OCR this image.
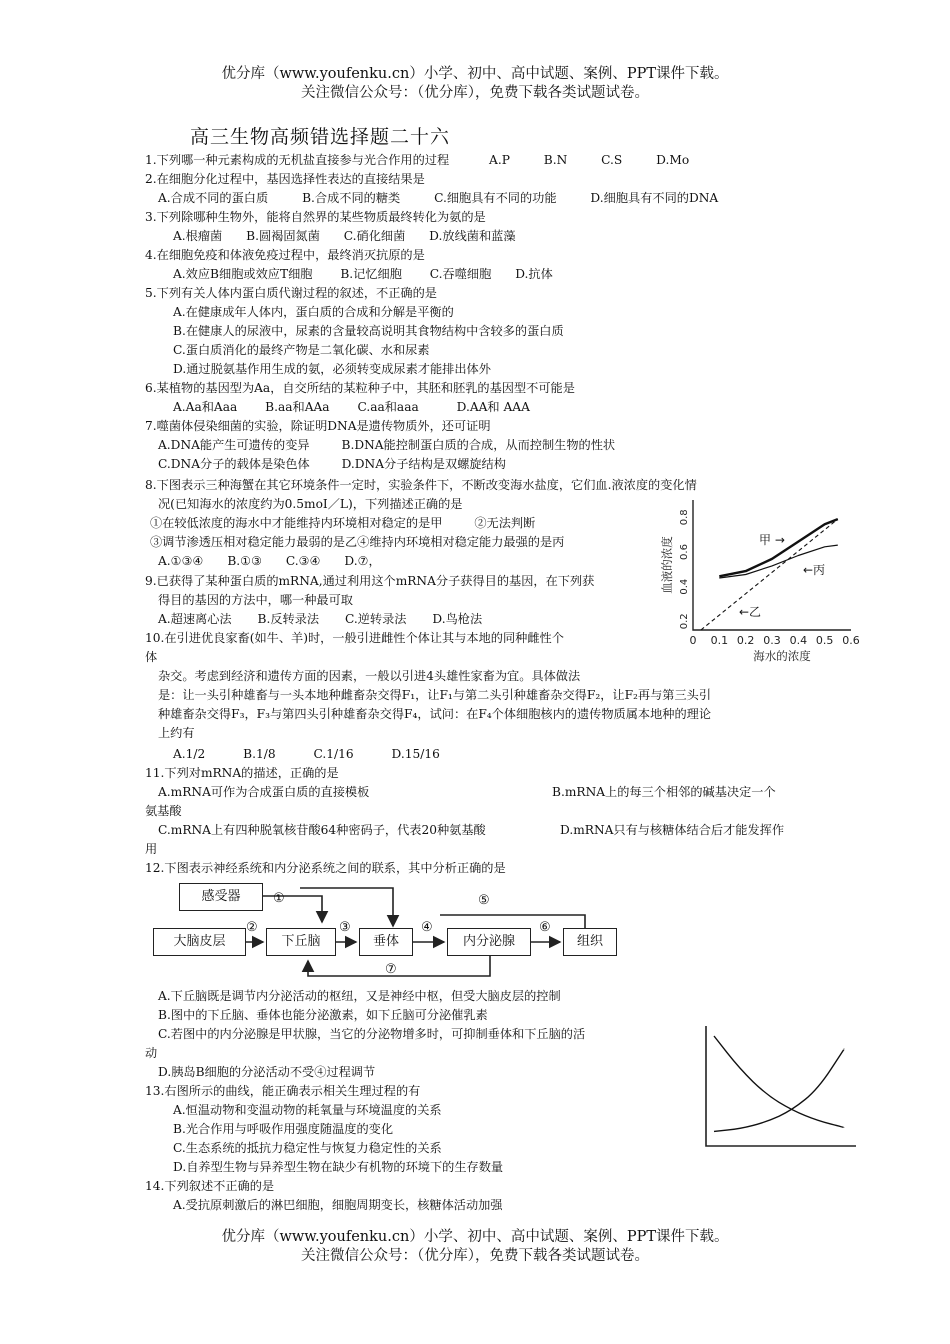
优分库（www.youfenku.cn）小学、初中、高中试题、案例、PPT课件下载。
关注微信公众号：（优分库），免费下载各类试题试卷。
高三生物高频错选择题二十六
1.下列哪一种元素构成的无机盐直接参与光合作用的过程	A.P	B.N	C.S	D.Mo
2.在细胞分化过程中，基因选择性表达的直接结果是
A.合成不同的蛋白质	B.合成不同的糖类	C.细胞具有不同的功能	D.细胞具有不同的DNA
3.下列除哪种生物外，能将自然界的某些物质最终转化为氨的是
A.根瘤菌 B.圆褐固氮菌 C.硝化细菌 D.放线菌和蓝藻
4.在细胞免疫和体液免疫过程中，最终消灭抗原的是
A.效应B细胞或效应T细胞 B.记忆细胞 C.吞噬细胞 D.抗体
5.下列有关人体内蛋白质代谢过程的叙述，不正确的是
A.在健康成年人体内，蛋白质的合成和分解是平衡的
B.在健康人的尿液中，尿素的含量较高说明其食物结构中含较多的蛋白质
C.蛋白质消化的最终产物是二氧化碳、水和尿素
D.通过脱氨基作用生成的氨，必须转变成尿素才能排出体外
6.某植物的基因型为Aa，自交所结的某粒种子中，其胚和胚乳的基因型不可能是
A.Aa和Aaa B.aa和AAa C.aa和aaa	D.AA和 AAA
7.噬菌体侵染细菌的实验，除证明DNA是遗传物质外，还可证明
A.DNA能产生可遗传的变异	B.DNA能控制蛋白质的合成，从而控制生物的性状
C.DNA分子的载体是染色体	D.DNA分子结构是双螺旋结构
8.下图表示三种海蟹在其它环境条件一定时，实验条件下，不断改变海水盐度，它们血.液浓度的变化情
况(已知海水的浓度约为0.5moI／L)，下列描述正确的是
①在较低浓度的海水中才能维持内环境相对稳定的是甲	②无法判断
③调节渗透压相对稳定能力最弱的是乙④维持内环境相对稳定能力最强的是丙
A.①③④ B.①③ C.③④ D.⑦，
0 0.1 0.2 0.3 0.4 0.5 0.6
0.2
0.4
0.6
0.8
海水的浓度
血液的浓度	甲 →
←丙
←乙
9.已获得了某种蛋白质的mRNA,通过利用这个mRNA分子获得目的基因，在下列获
得目的基因的方法中，哪一种最可取
A.超速离心法 B.反转录法 C.逆转录法 D.鸟枪法
10.在引进优良家畜(如牛、羊)时，一般引进雌性个体让其与本地的同种雌性个
体
杂交。考虑到经济和遗传方面的因素，一般以引进4头雄性家畜为宜。具体做法
是：让一头引种雄畜与一头本地种雌畜杂交得F₁，让F₁与第二头引种雄畜杂交得F₂，让F₂再与第三头引
种雄畜杂交得F₃，F₃与第四头引种雄畜杂交得F₄，试问：在F₄个体细胞核内的遗传物质属本地种的理论
上约有
A.1/2	B.1/8	C.1/16	D.15/16
11.下列对mRNA的描述，正确的是
A.mRNA可作为合成蛋白质的直接模板	B.mRNA上的每三个相邻的碱基决定一个
氨基酸
C.mRNA上有四种脱氧核苷酸64种密码子，代表20种氨基酸	D.mRNA只有与核糖体结合后才能发挥作
用
12.下图表示神经系统和内分泌系统之间的联系，其中分析正确的是
感受器
大脑皮层	下丘脑	垂体	内分泌腺	组织
①
②	③	④
⑤
⑥
⑦
A.下丘脑既是调节内分泌活动的枢纽，又是神经中枢，但受大脑皮层的控制
B.图中的下丘脑、垂体也能分泌激素，如下丘脑可分泌催乳素
C.若图中的内分泌腺是甲状腺，当它的分泌物增多时，可抑制垂体和下丘脑的活
动
D.胰岛B细胞的分泌活动不受④过程调节
13.右图所示的曲线，能正确表示相关生理过程的有
A.恒温动物和变温动物的耗氧量与环境温度的关系
B.光合作用与呼吸作用强度随温度的变化
C.生态系统的抵抗力稳定性与恢复力稳定性的关系
D.自养型生物与异养型生物在缺少有机物的环境下的生存数量
14.下列叙述不正确的是
A.受抗原刺激后的淋巴细胞，细胞周期变长，核糖体活动加强
优分库（www.youfenku.cn）小学、初中、高中试题、案例、PPT课件下载。
关注微信公众号：（优分库），免费下载各类试题试卷。
